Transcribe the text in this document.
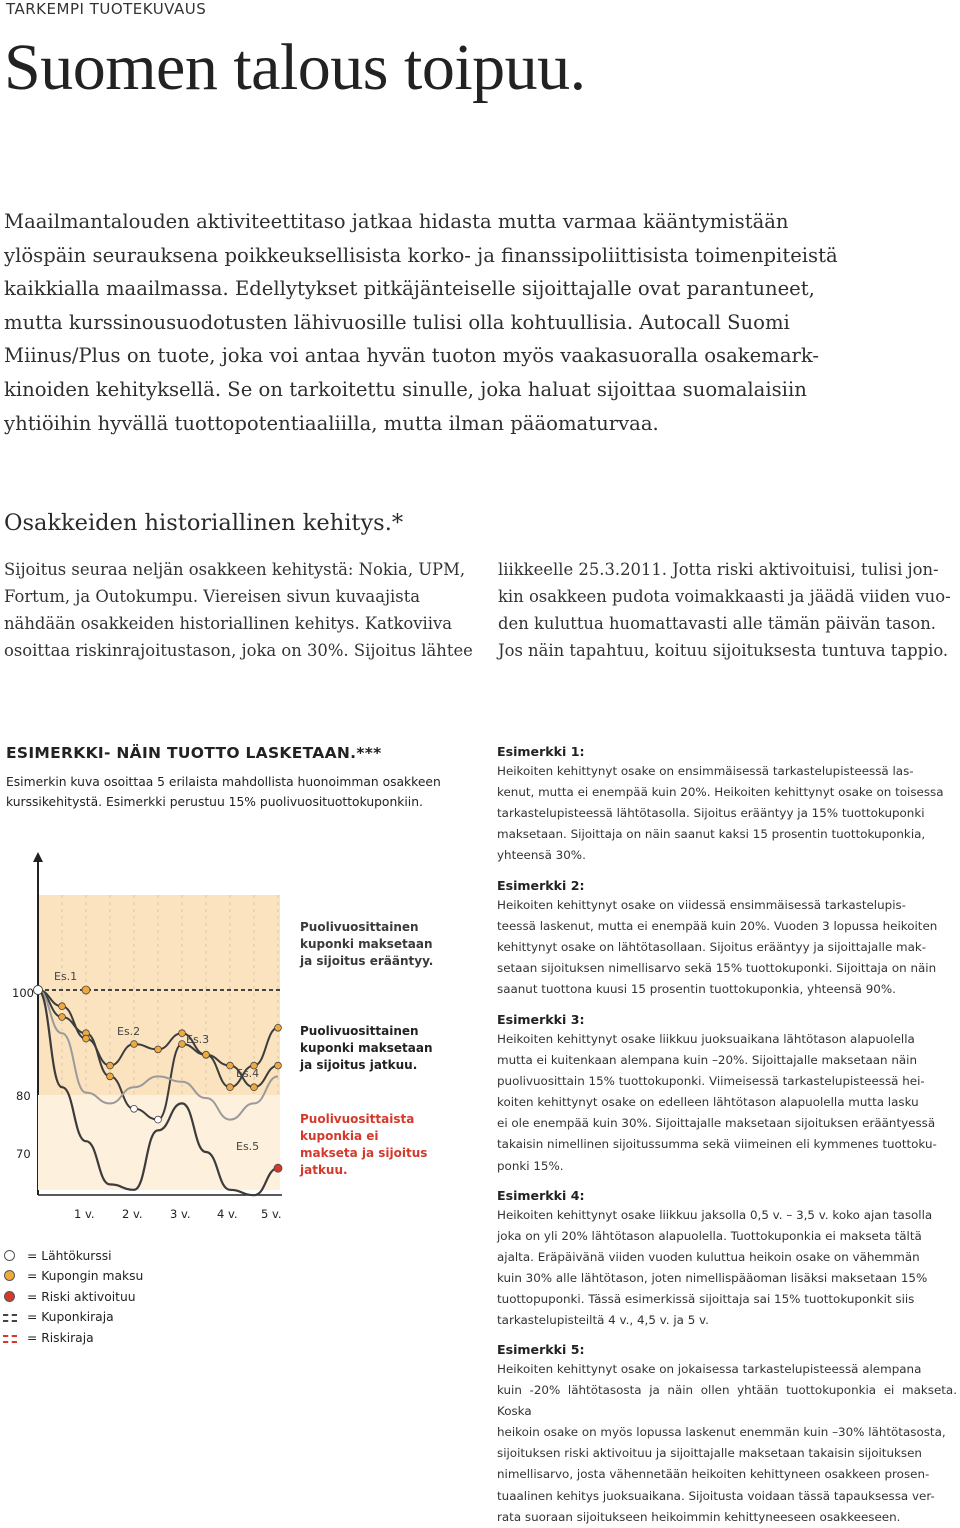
TARKEMPI TUOTEKUVAUS
Suomen talous toipuu.

Maailmantalouden aktiviteettitaso jatkaa hidasta mutta varmaa kääntymistään

ylöspäin seurauksena poikkeuksellisista korko- ja finanssipoliittisista toimenpiteistä

kaikkialla maailmassa. Edellytykset pitkäjänteiselle sijoittajalle ovat parantuneet,

mutta kurssinousuodotusten lähivuosille tulisi olla kohtuullisia. Autocall Suomi

Miinus/Plus on tuote, joka voi antaa hyvän tuoton myös vaakasuoralla osakemark-

kinoiden kehityksellä. Se on tarkoitettu sinulle, joka haluat sijoittaa suomalaisiin

yhtiöihin hyvällä tuottopotentiaaliilla, mutta ilman pääomaturvaa.

Osakkeiden historiallinen kehitys.*
Sijoitus seuraa neljän osakkeen kehitystä: Nokia, UPM,
Fortum, ja Outokumpu. Viereisen sivun kuvaajista
nähdään osakkeiden historiallinen kehitys. Katkoviiva
osoittaa riskinrajoitustason, joka on 30%. Sijoitus lähtee
liikkeelle 25.3.2011. Jotta riski aktivoituisi, tulisi jon-
kin osakkeen pudota voimakkaasti ja jäädä viiden vuo-
den kuluttua huomattavasti alle tämän päivän tason.
Jos näin tapahtuu, koituu sijoituksesta tuntuva tappio.
ESIMERKKI- NÄIN TUOTTO LASKETAAN.***
Esimerkin kuva osoittaa 5 erilaista mahdollista huonoimman osakkeen
kurssikehitystä. Esimerkki perustuu 15% puolivuosituottokuponkiin.
100
80
70
1 v. 2 v. 3 v. 4 v. 5 v.
Es.1
Es.2
Es.3
Es.4
Es.5
Puolivuosittainen
kuponki maksetaan
ja sijoitus erääntyy.
Puolivuosittainen
kuponki maksetaan
ja sijoitus jatkuu.
Puolivuosittaista
kuponkia ei
makseta ja sijoitus
jatkuu.
= Lähtökurssi
= Kupongin maksu
= Riski aktivoituu
= Kuponkiraja
= Riskiraja
Esimerkki 1:
Heikoiten kehittynyt osake on ensimmäisessä tarkastelupisteessä las-
kenut, mutta ei enempää kuin 20%. Heikoiten kehittynyt osake on toisessa
tarkastelupisteessä lähtötasolla. Sijoitus erääntyy ja 15% tuottokuponki
maksetaan. Sijoittaja on näin saanut kaksi 15 prosentin tuottokuponkia,
yhteensä 30%.
Esimerkki 2:
Heikoiten kehittynyt osake on viidessä ensimmäisessä tarkastelupis-
teessä laskenut, mutta ei enempää kuin 20%. Vuoden 3 lopussa heikoiten
kehittynyt osake on lähtötasollaan. Sijoitus erääntyy ja sijoittajalle mak-
setaan sijoituksen nimellisarvo sekä 15% tuottokuponki. Sijoittaja on näin
saanut tuottona kuusi 15 prosentin tuottokuponkia, yhteensä 90%.
Esimerkki 3:
Heikoiten kehittynyt osake liikkuu juoksuaikana lähtötason alapuolella
mutta ei kuitenkaan alempana kuin –20%. Sijoittajalle maksetaan näin
puolivuosittain 15% tuottokuponki. Viimeisessä tarkastelupisteessä hei-
koiten kehittynyt osake on edelleen lähtötason alapuolella mutta lasku
ei ole enempää kuin 30%. Sijoittajalle maksetaan sijoituksen erääntyessä
takaisin nimellinen sijoitussumma sekä viimeinen eli kymmenes tuottoku-
ponki 15%.
Esimerkki 4:
Heikoiten kehittynyt osake liikkuu jaksolla 0,5 v. – 3,5 v. koko ajan tasolla
joka on yli 20% lähtötason alapuolella. Tuottokuponkia ei makseta tältä
ajalta. Eräpäivänä viiden vuoden kuluttua heikoin osake on vähemmän
kuin 30% alle lähtötason, joten nimellispääoman lisäksi maksetaan 15%
tuottopuponki. Tässä esimerkissä sijoittaja sai 15% tuottokuponkit siis
tarkastelupisteiltä 4 v., 4,5 v. ja 5 v.
Esimerkki 5:
Heikoiten kehittynyt osake on jokaisessa tarkastelupisteessä alempana
kuin -20% lähtötasosta ja näin ollen yhtään tuottokuponkia ei makseta. Koska
heikoin osake on myös lopussa laskenut enemmän kuin –30% lähtötasosta,
sijoituksen riski aktivoituu ja sijoittajalle maksetaan takaisin sijoituksen
nimellisarvo, josta vähennetään heikoiten kehittyneen osakkeen prosen-
tuaalinen kehitys juoksuaikana. Sijoitusta voidaan tässä tapauksessa ver-
rata suoraan sijoitukseen heikoimmin kehittyneeseen osakkeeseen.
